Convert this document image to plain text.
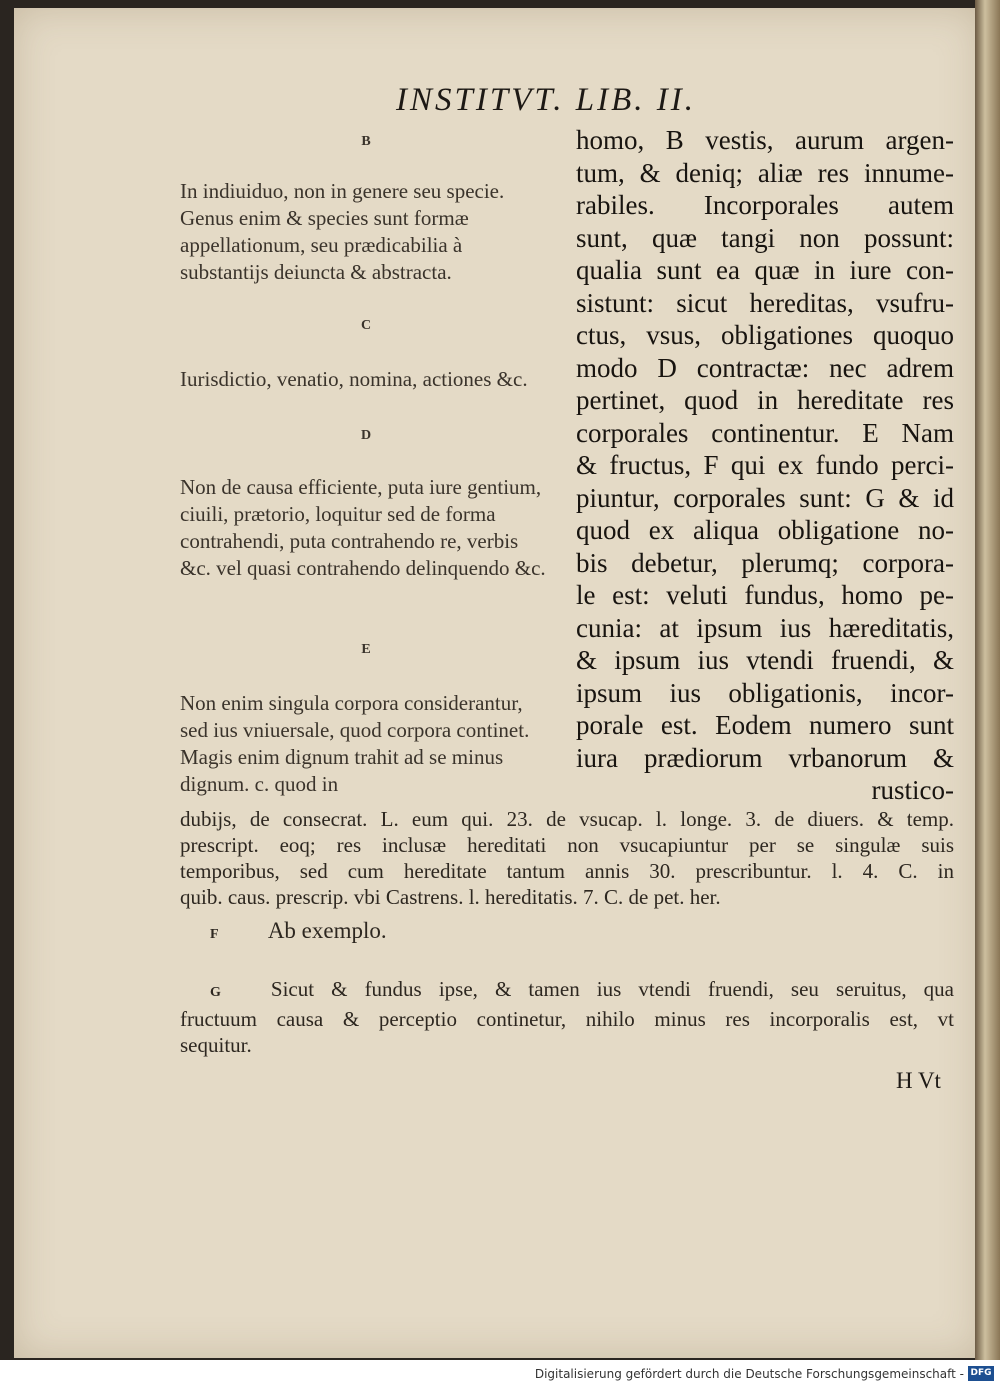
INSTITVT. LIB. II.
B
In indiuiduo, non in genere seu specie. Genus enim & species sunt formæ appellationum, seu prædicabilia à substantijs deiuncta & abstracta.
C
Iurisdictio, venatio, nomina, actiones &c.
D
Non de causa efficiente, puta iure gentium, ciuili, prætorio, loquitur sed de forma contrahendi, puta contrahendo re, verbis &c. vel quasi contrahendo delinquendo &c.
E
Non enim singula corpora considerantur, sed ius vniuersale, quod corpora continet. Magis enim dignum trahit ad se minus dignum. c. quod in
homo, B vestis, aurum argen-
tum, & deniq; aliæ res innume-
rabiles. Incorporales autem
sunt, quæ tangi non possunt:
qualia sunt ea quæ in iure con-
sistunt: sicut hereditas, vsufru-
ctus, vsus, obligationes quoquo
modo D contractæ: nec adrem
pertinet, quod in hereditate res
corporales continentur. E Nam
& fructus, F qui ex fundo perci-
piuntur, corporales sunt: G & id
quod ex aliqua obligatione no-
bis debetur, plerumq; corpora-
le est: veluti fundus, homo pe-
cunia: at ipsum ius hæreditatis,
& ipsum ius vtendi fruendi, &
ipsum ius obligationis, incor-
porale est. Eodem numero sunt
iura prædiorum vrbanorum &
rustico-
dubijs, de consecrat. L. eum qui. 23. de vsucap. l. longe. 3. de diuers. & temp.
prescript. eoq; res inclusæ hereditati non vsucapiuntur per se singulæ suis
temporibus, sed cum hereditate tantum annis 30. prescribuntur. l. 4. C. in
quib. caus. prescrip. vbi Castrens. l. hereditatis. 7. C. de pet. her.
F Ab exemplo.
G Sicut & fundus ipse, & tamen ius vtendi fruendi, seu seruitus, qua
fructuum causa & perceptio continetur, nihilo minus res incorporalis est, vt
sequitur.
H Vt
Digitalisierung gefördert durch die Deutsche Forschungsgemeinschaft - DFG
